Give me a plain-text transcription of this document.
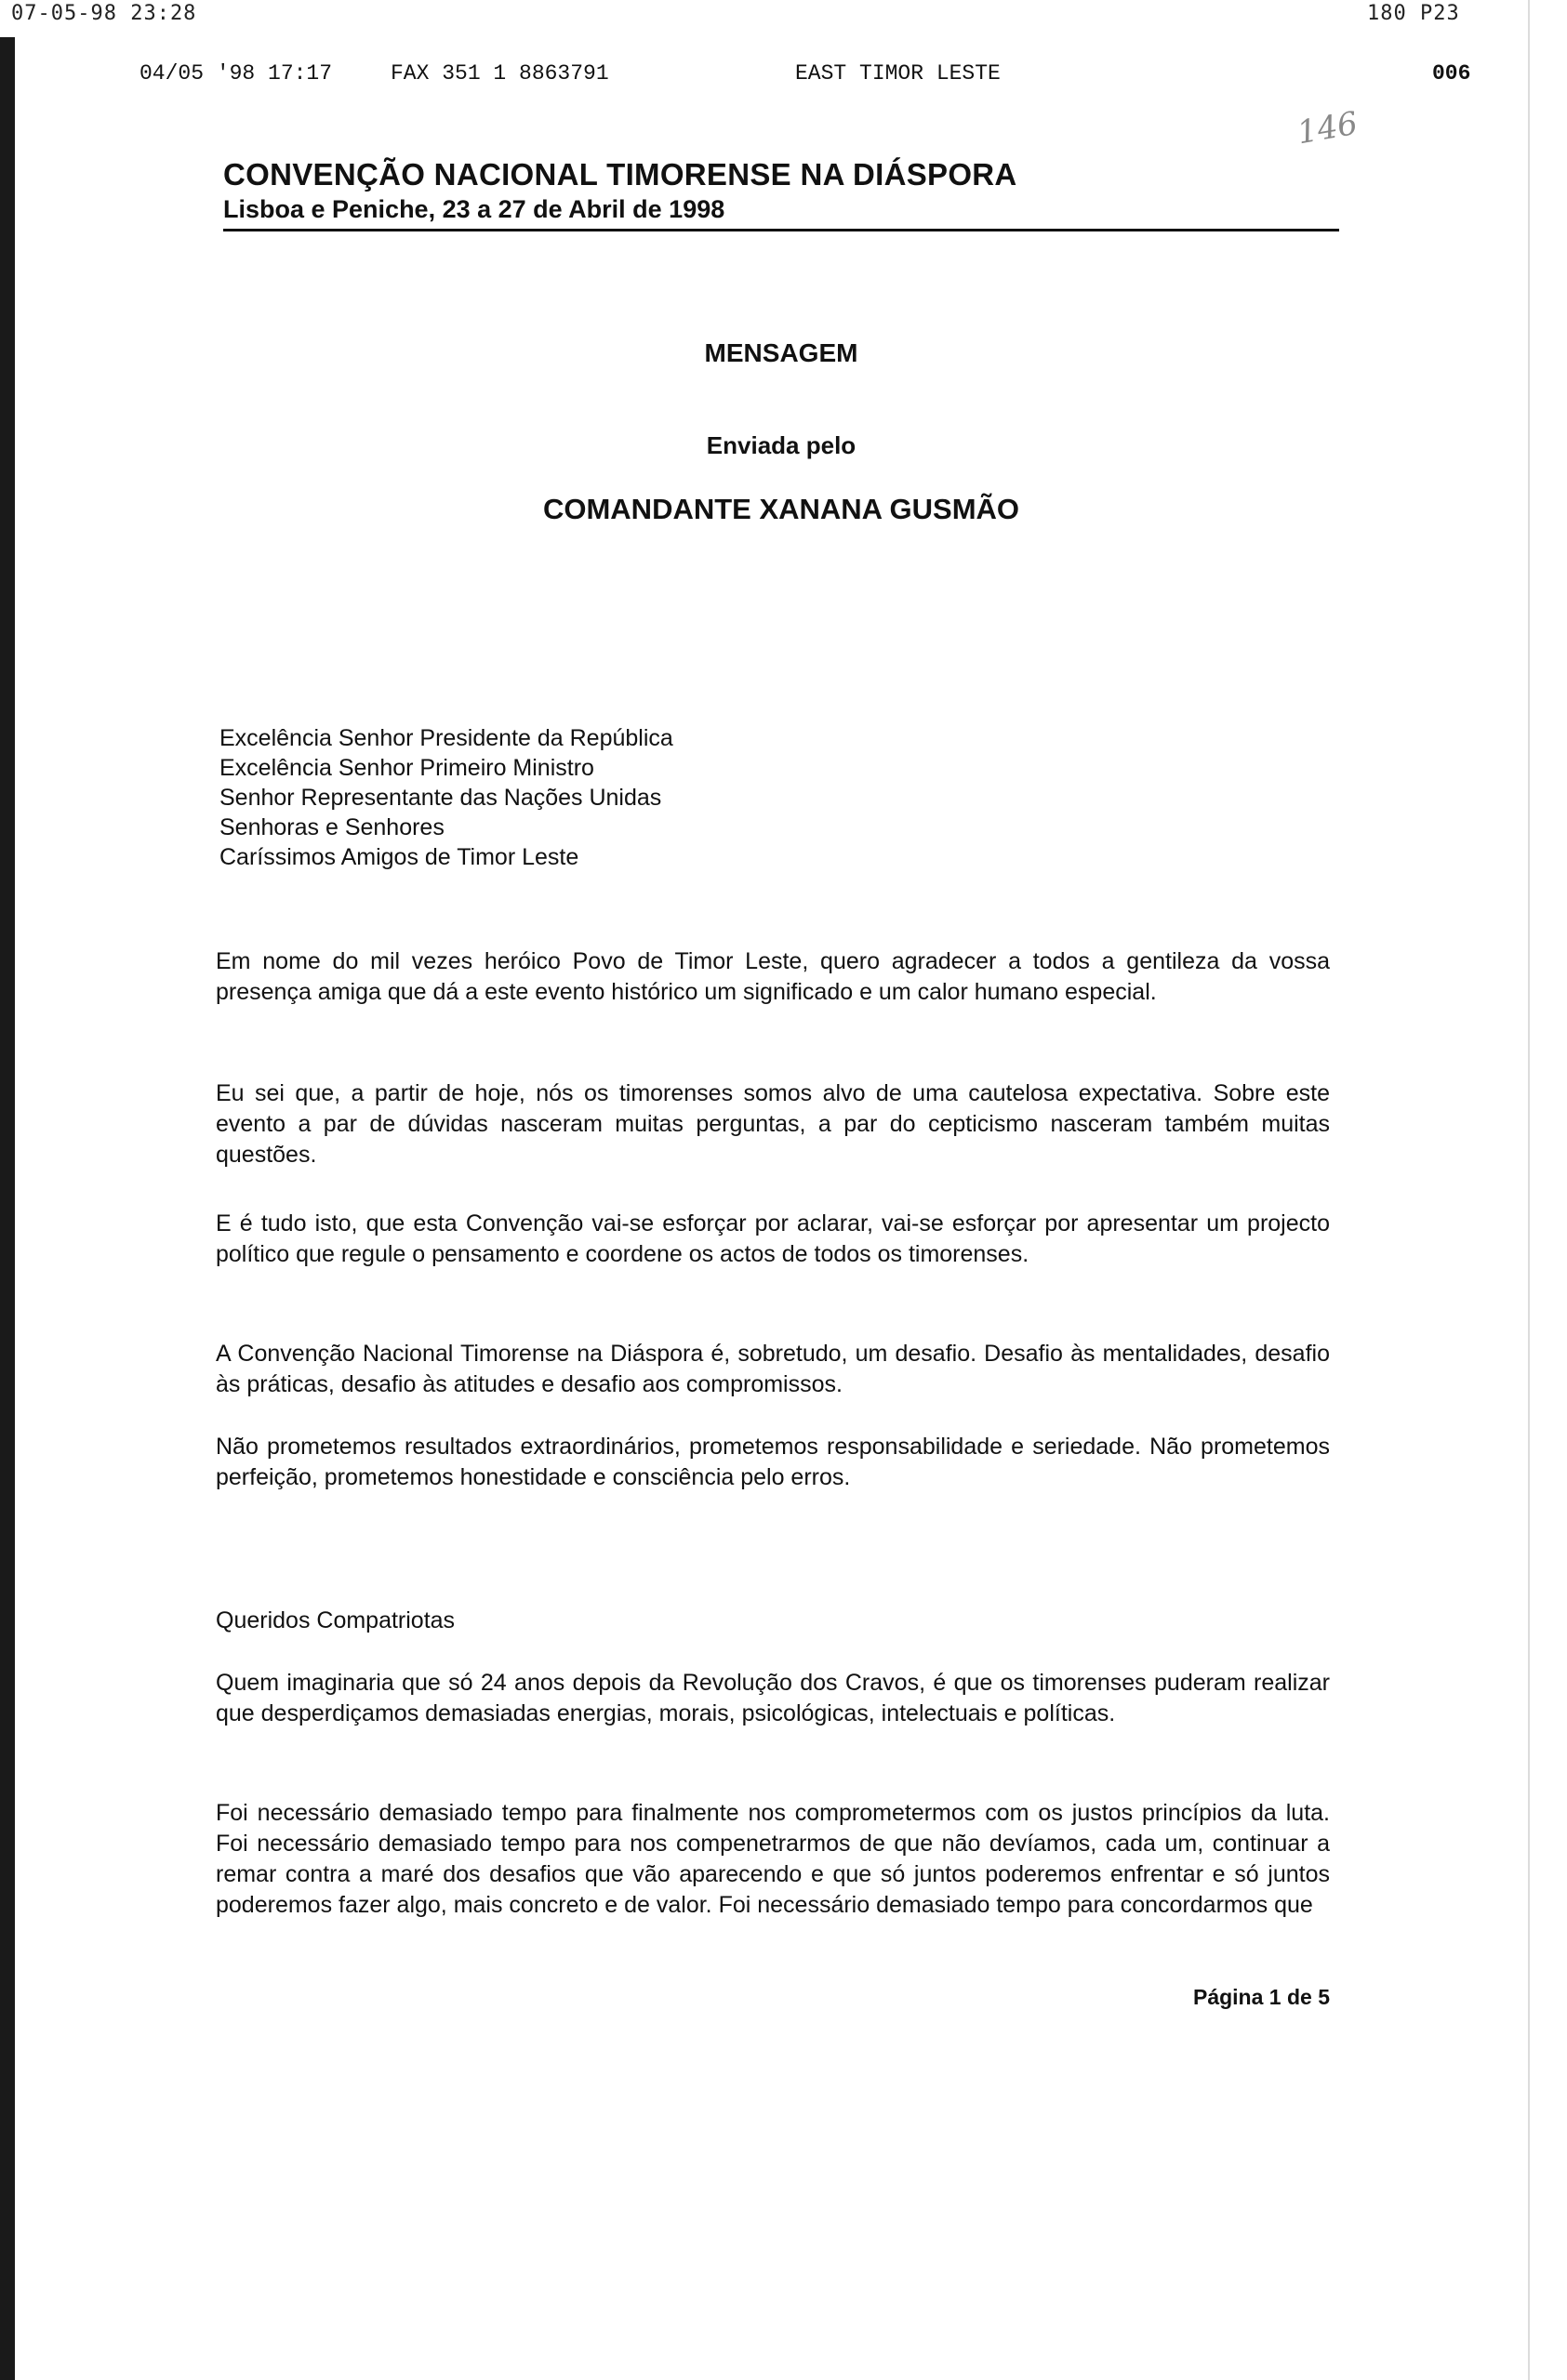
07-05-98 23:28	180 P23
04/05 '98 17:17	FAX 351 1 8863791	EAST TIMOR LESTE	006
146
CONVENÇÃO NACIONAL TIMORENSE NA DIÁSPORA
Lisboa e Peniche, 23 a 27 de Abril de 1998
MENSAGEM
Enviada pelo
COMANDANTE XANANA GUSMÃO
Excelência Senhor Presidente da República
Excelência Senhor Primeiro Ministro
Senhor Representante das Nações Unidas
Senhoras e Senhores
Caríssimos Amigos de Timor Leste

Em nome do mil vezes heróico Povo de Timor Leste, quero agradecer a todos a gentileza da vossa presença amiga que dá a este evento histórico um significado e um calor humano especial.

Eu sei que, a partir de hoje, nós os timorenses somos alvo de uma cautelosa expectativa. Sobre este evento a par de dúvidas nasceram muitas perguntas, a par do cepticismo nasceram também muitas questões.

E é tudo isto, que esta Convenção vai-se esforçar por aclarar, vai-se esforçar por apresentar um projecto político que regule o pensamento e coordene os actos de todos os timorenses.

A Convenção Nacional Timorense na Diáspora é, sobretudo, um desafio. Desafio às mentalidades, desafio às práticas, desafio às atitudes e desafio aos compromissos.

Não prometemos resultados extraordinários, prometemos responsabilidade e seriedade. Não prometemos perfeição, prometemos honestidade e consciência pelo erros.

Queridos Compatriotas

Quem imaginaria que só 24 anos depois da Revolução dos Cravos, é que os timorenses puderam realizar que desperdiçamos demasiadas energias, morais, psicológicas, intelectuais e políticas.

Foi necessário demasiado tempo para finalmente nos comprometermos com os justos princípios da luta. Foi necessário demasiado tempo para nos compenetrarmos de que não devíamos, cada um, continuar a remar contra a maré dos desafios que vão aparecendo e que só juntos poderemos enfrentar e só juntos poderemos fazer algo, mais concreto e de valor. Foi necessário demasiado tempo para concordarmos que

Página 1 de 5
